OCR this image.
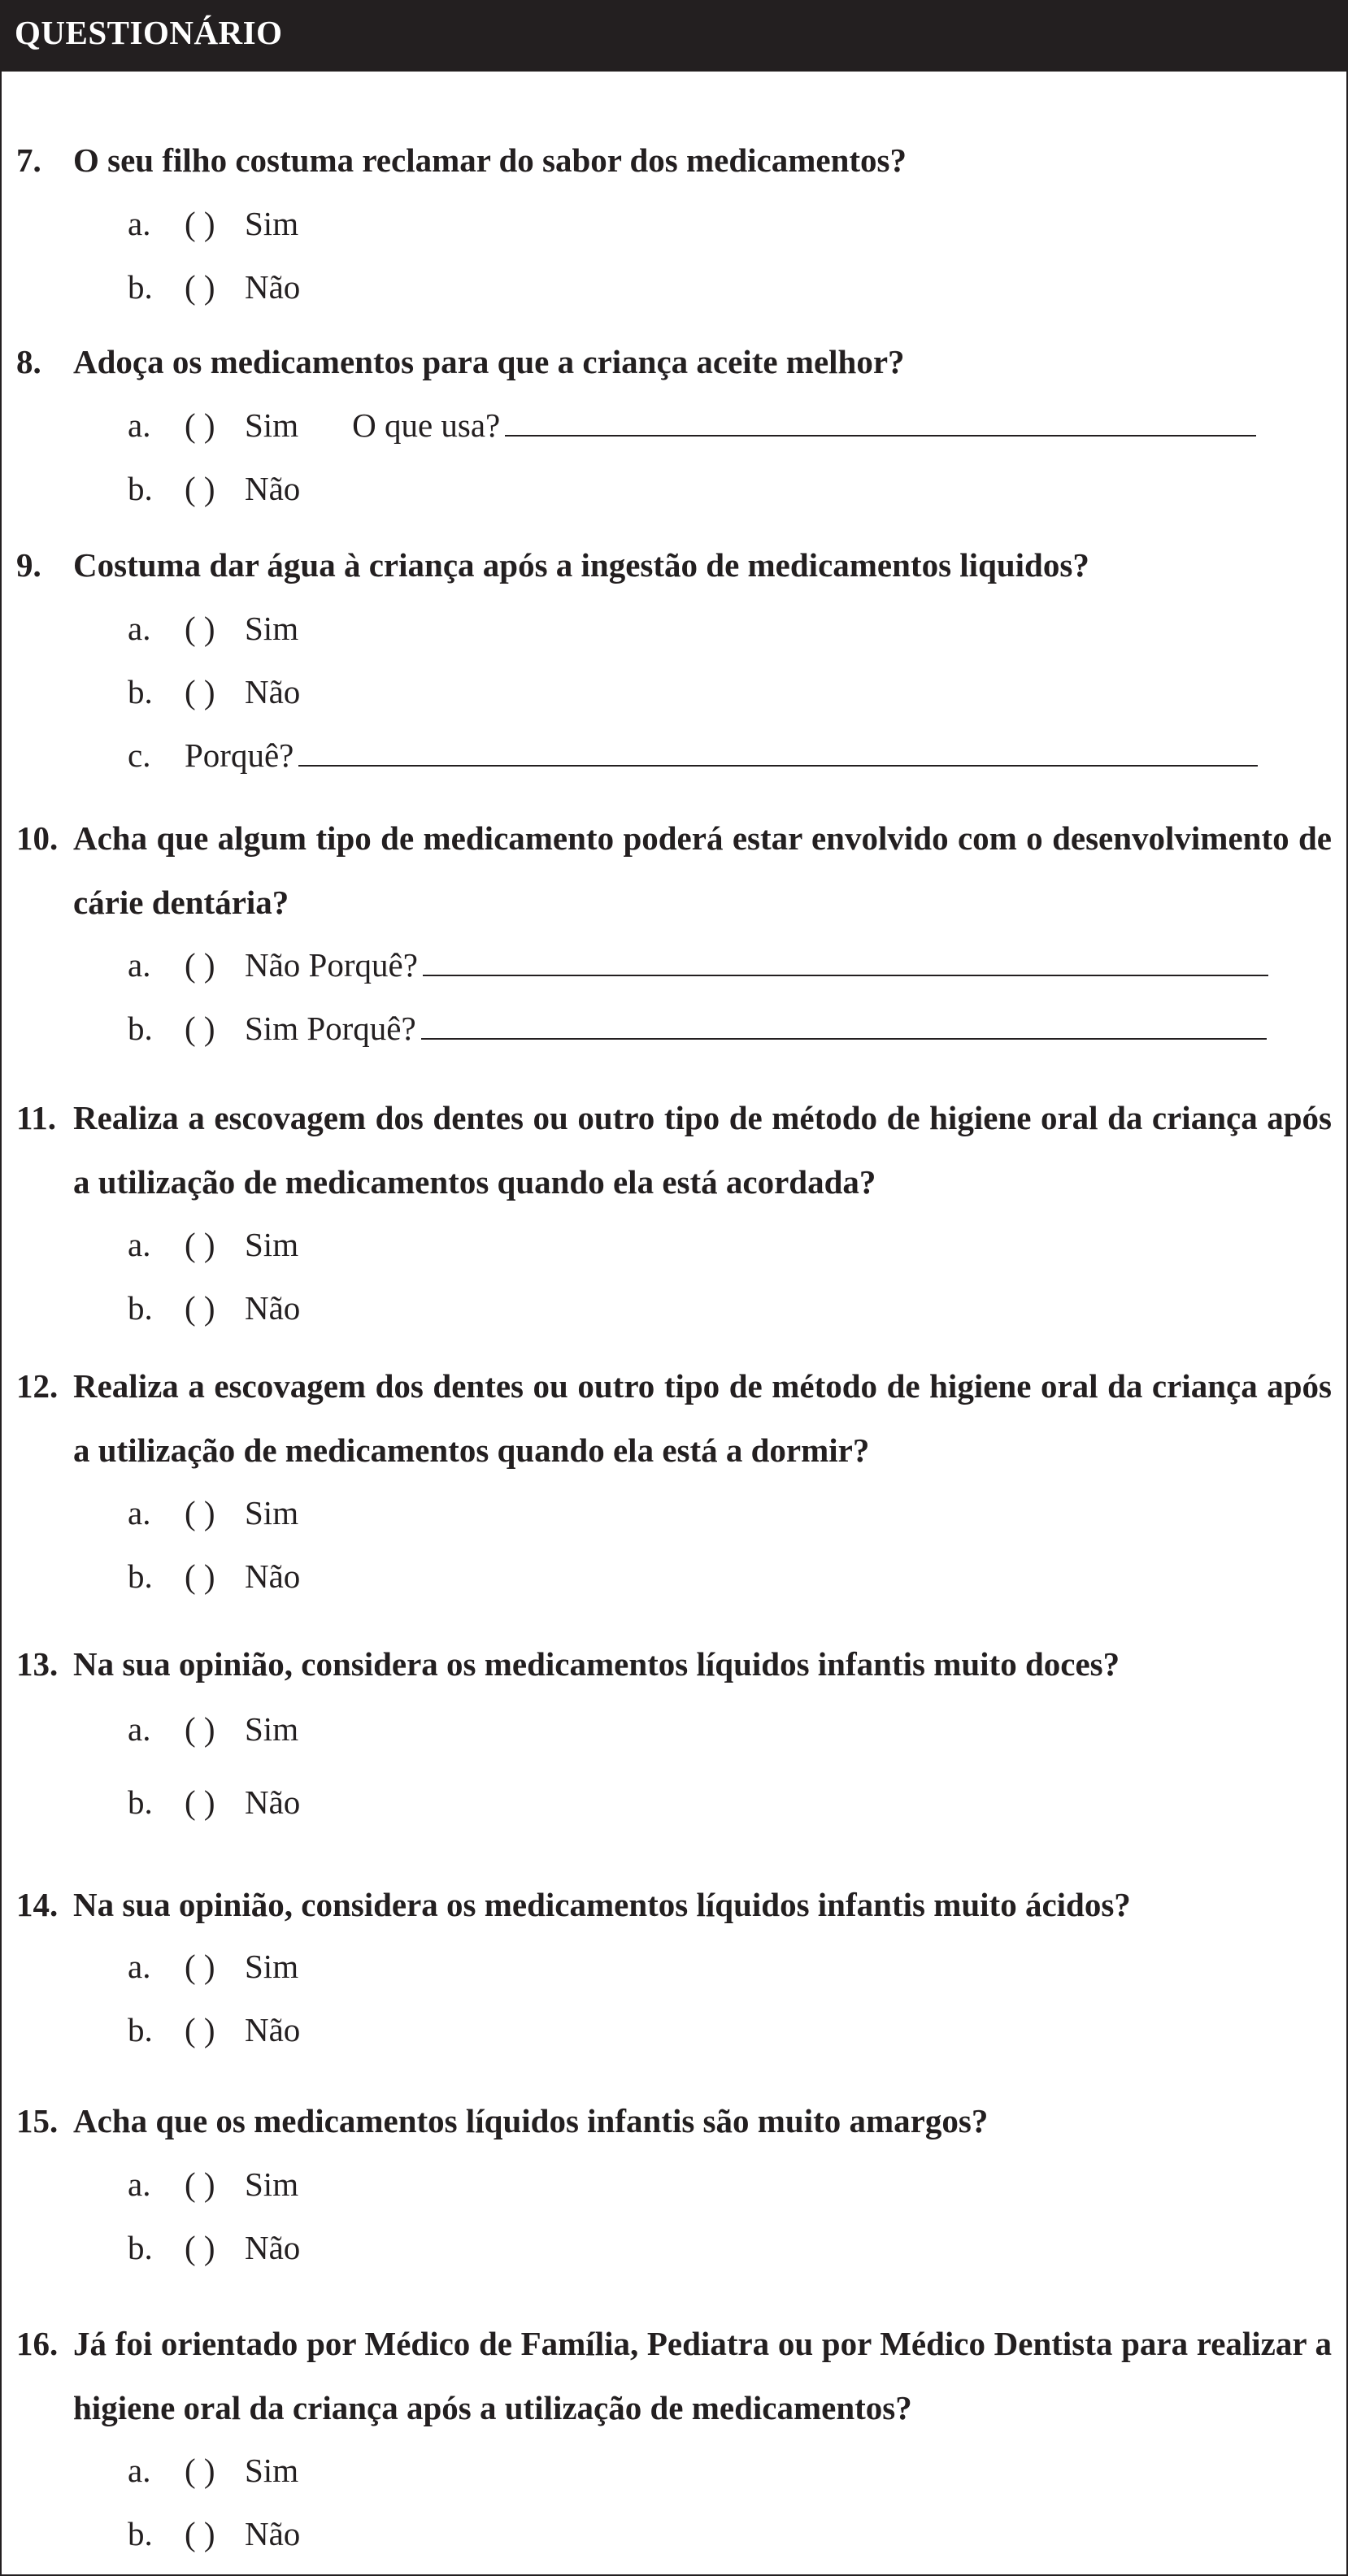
QUESTIONÁRIO
7. O seu filho costuma reclamar do sabor dos medicamentos?
a. ( ) Sim
b. ( ) Não
8. Adoça os medicamentos para que a criança aceite melhor?
a. ( ) Sim O que usa?
b. ( ) Não
9. Costuma dar água à criança após a ingestão de medicamentos liquidos?
a. ( ) Sim
b. ( ) Não
c. Porquê?
10. Acha que algum tipo de medicamento poderá estar envolvido com o desenvolvimento de cárie dentária?
a. ( ) Não Porquê?
b. ( ) Sim Porquê?
11. Realiza a escovagem dos dentes ou outro tipo de método de higiene oral da criança após a utilização de medicamentos quando ela está acordada?
a. ( ) Sim
b. ( ) Não
12. Realiza a escovagem dos dentes ou outro tipo de método de higiene oral da criança após a utilização de medicamentos quando ela está a dormir?
a. ( ) Sim
b. ( ) Não
13. Na sua opinião, considera os medicamentos líquidos infantis muito doces?
a. ( ) Sim
b. ( ) Não
14. Na sua opinião, considera os medicamentos líquidos infantis muito ácidos?
a. ( ) Sim
b. ( ) Não
15. Acha que os medicamentos líquidos infantis são muito amargos?
a. ( ) Sim
b. ( ) Não
16. Já foi orientado por Médico de Família, Pediatra ou por Médico Dentista para realizar a higiene oral da criança após a utilização de medicamentos?
a. ( ) Sim
b. ( ) Não
